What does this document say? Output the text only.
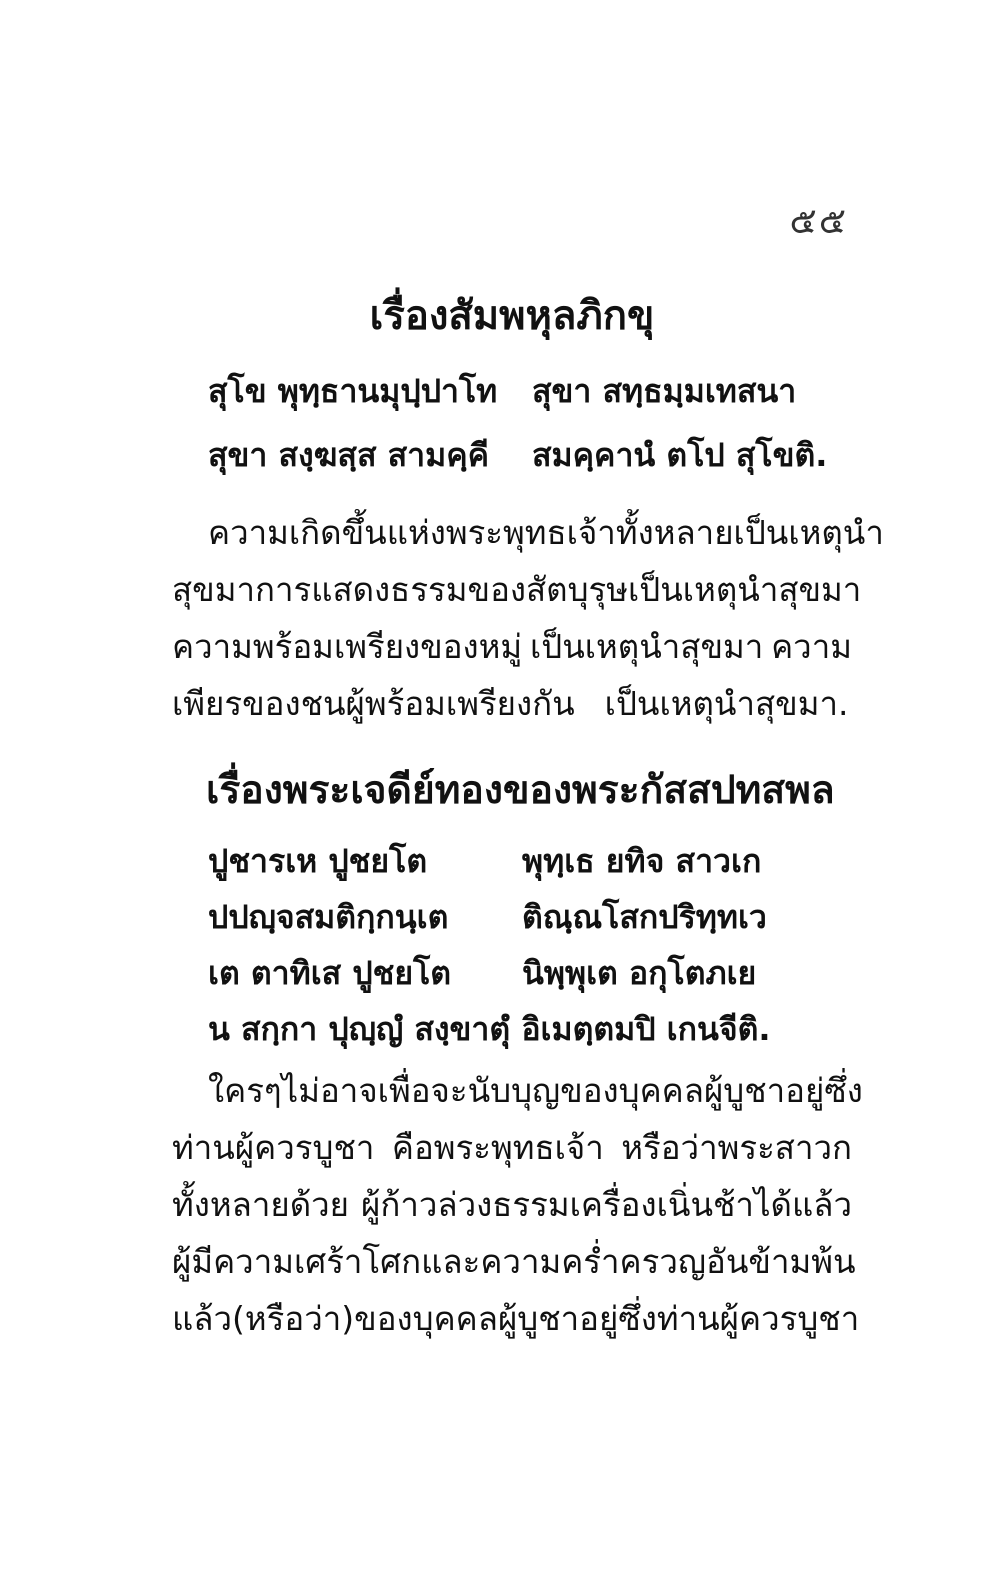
๕๕
เรื่องสัมพหุลภิกขุ
สุโข พุทฺธานมุปฺปาโท สุขา สทฺธมฺมเทสนา
สุขา สงฺฆสฺส สามคฺคี สมคฺคานํ ตโป สุโขติ.
ความเกิดขึ้นแห่งพระพุทธเจ้าทั้งหลาย เป็นเหตุนำ
สุขมา การแสดงธรรมของสัตบุรุษ เป็นเหตุนำสุขมา
ความพร้อมเพรียงของหมู่ เป็นเหตุนำสุขมา ความ
เพียรของชนผู้พร้อมเพรียงกัน เป็นเหตุนำสุขมา.
เรื่องพระเจดีย์ทองของพระกัสสปทสพล
ปูชารเห ปูชยโต	พุทฺเธ ยทิจ สาวเก
ปปญฺจสมติกฺกนฺเต ติณฺณโสกปริทฺทเว
เต ตาทิเส ปูชยโต นิพฺพุเต อกุโตภเย
น สกฺกา ปุญฺญํ สงฺขาตุํ อิเมตฺตมปิ เกนจีติ.
ใครๆ ไม่อาจเพื่อจะนับบุญของบุคคลผู้บูชาอยู่ ซึ่ง
ท่านผู้ควรบูชา คือพระพุทธเจ้า หรือว่าพระสาวก
ทั้งหลายด้วย ผู้ก้าวล่วงธรรมเครื่องเนิ่นช้าได้แล้ว
ผู้มีความเศร้าโศก และความคร่ำครวญอันข้ามพ้น
แล้ว (หรือว่า) ของบุคคลผู้บูชาอยู่ ซึ่งท่านผู้ควรบูชา
